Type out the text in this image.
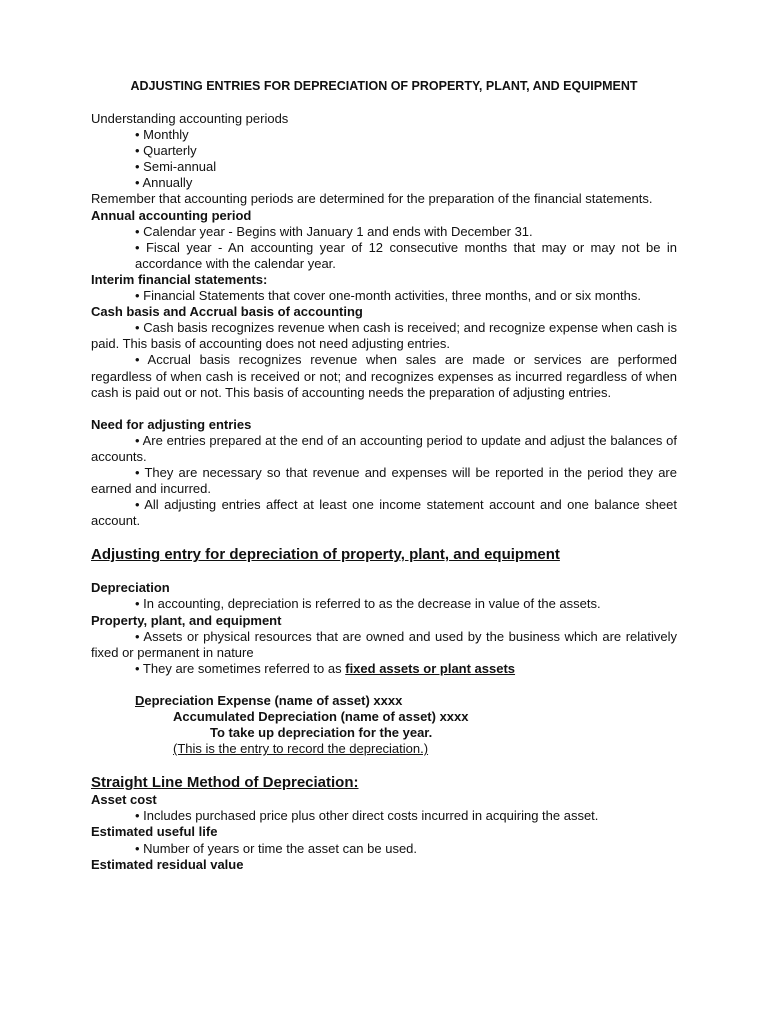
ADJUSTING ENTRIES FOR DEPRECIATION OF PROPERTY, PLANT, AND EQUIPMENT

Understanding accounting periods

• Monthly

• Quarterly

• Semi-annual

• Annually

Remember that accounting periods are determined for the preparation of the financial statements.

Annual accounting period

• Calendar year - Begins with January 1 and ends with December 31.

• Fiscal year - An accounting year of 12 consecutive months that may or may not be in accordance with the calendar year.

Interim financial statements:

• Financial Statements that cover one-month activities, three months, and or six months.

Cash basis and Accrual basis of accounting

• Cash basis recognizes revenue when cash is received; and recognize expense when cash is paid. This basis of accounting does not need adjusting entries.

• Accrual basis recognizes revenue when sales are made or services are performed regardless of when cash is received or not; and recognizes expenses as incurred regardless of when cash is paid out or not. This basis of accounting needs the preparation of adjusting entries.

Need for adjusting entries

• Are entries prepared at the end of an accounting period to update and adjust the balances of accounts.

• They are necessary so that revenue and expenses will be reported in the period they are earned and incurred.

• All adjusting entries affect at least one income statement account and one balance sheet account.

Adjusting entry for depreciation of property, plant, and equipment

Depreciation

• In accounting, depreciation is referred to as the decrease in value of the assets.

Property, plant, and equipment

• Assets or physical resources that are owned and used by the business which are relatively fixed or permanent in nature

• They are sometimes referred to as fixed assets or plant assets

Depreciation Expense (name of asset) xxxx

Accumulated Depreciation (name of asset) xxxx

To take up depreciation for the year.

(This is the entry to record the depreciation.)

Straight Line Method of Depreciation:

Asset cost

• Includes purchased price plus other direct costs incurred in acquiring the asset.

Estimated useful life

• Number of years or time the asset can be used.

Estimated residual value
